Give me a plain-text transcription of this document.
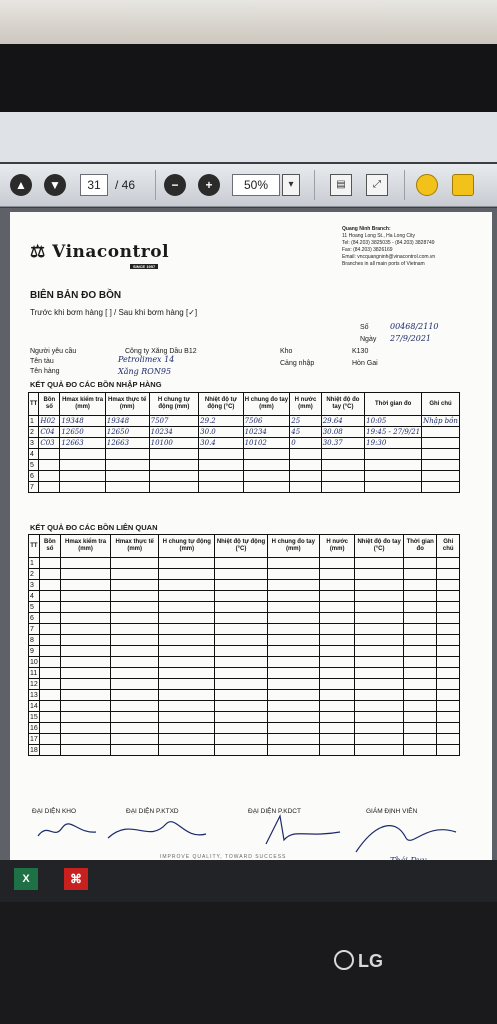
▲	▼	31	/ 46	−	+	50%	▾	▤	⤢
⚖ Vinacontrol
SINCE 1957
Quang Ninh Branch:
11 Hoang Long St., Ha Long City
Tel: (84.203) 3825035 - (84.203) 3828749
Fax: (84.203) 3826169
Email: vncquangninh@vinacontrol.com.vn
Branches in all main ports of Vietnam
BIÊN BẢN ĐO BỒN
Trước khi bơm hàng [ ] / Sau khi bơm hàng [✓]
Số	00468/2110
Ngày 27/9/2021
Người yêu cầu	Công ty Xăng Dầu B12
Tên tàu	Petrolimex 14
Tên hàng	Xăng RON95
Kho	K130
Cảng nhập	Hòn Gai
KẾT QUẢ ĐO CÁC BỒN NHẬP HÀNG
TT	Bồn số	Hmax kiểm tra (mm)	Hmax thực tế (mm)	H chung tự động (mm)	Nhiệt độ tự động (°C)	H chung đo tay (mm)	H nước (mm)	Nhiệt độ đo tay (°C)	Thời gian đo	Ghi chú
1	H02	19348	19348	7507	29.2	7506	25	29.64	10:05	Nhập bồn
2	C04	12650	12650	10234	30.0	10234	45	30.08	19:45 - 27/9/21	
3	C03	12663	12663	10100	30.4	10102	0	30.37	19:30	
4										
5										
6										
7										
KẾT QUẢ ĐO CÁC BỒN LIÊN QUAN
TT	Bồn số	Hmax kiểm tra (mm)	Hmax thực tế (mm)	H chung tự động (mm)	Nhiệt độ tự động (°C)	H chung đo tay (mm)	H nước (mm)	Nhiệt độ đo tay (°C)	Thời gian đo	Ghi chú
1										
2										
3										
4										
5										
6										
7										
8										
9										
10										
11										
12										
13										
14										
15										
16										
17										
18										
ĐẠI DIỆN KHO	ĐẠI DIỆN P.KTXD	ĐẠI DIỆN P.KDCT	GIÁM ĐỊNH VIÊN
IMPROVE QUALITY, TOWARD SUCCESS
X	⌘
LG
